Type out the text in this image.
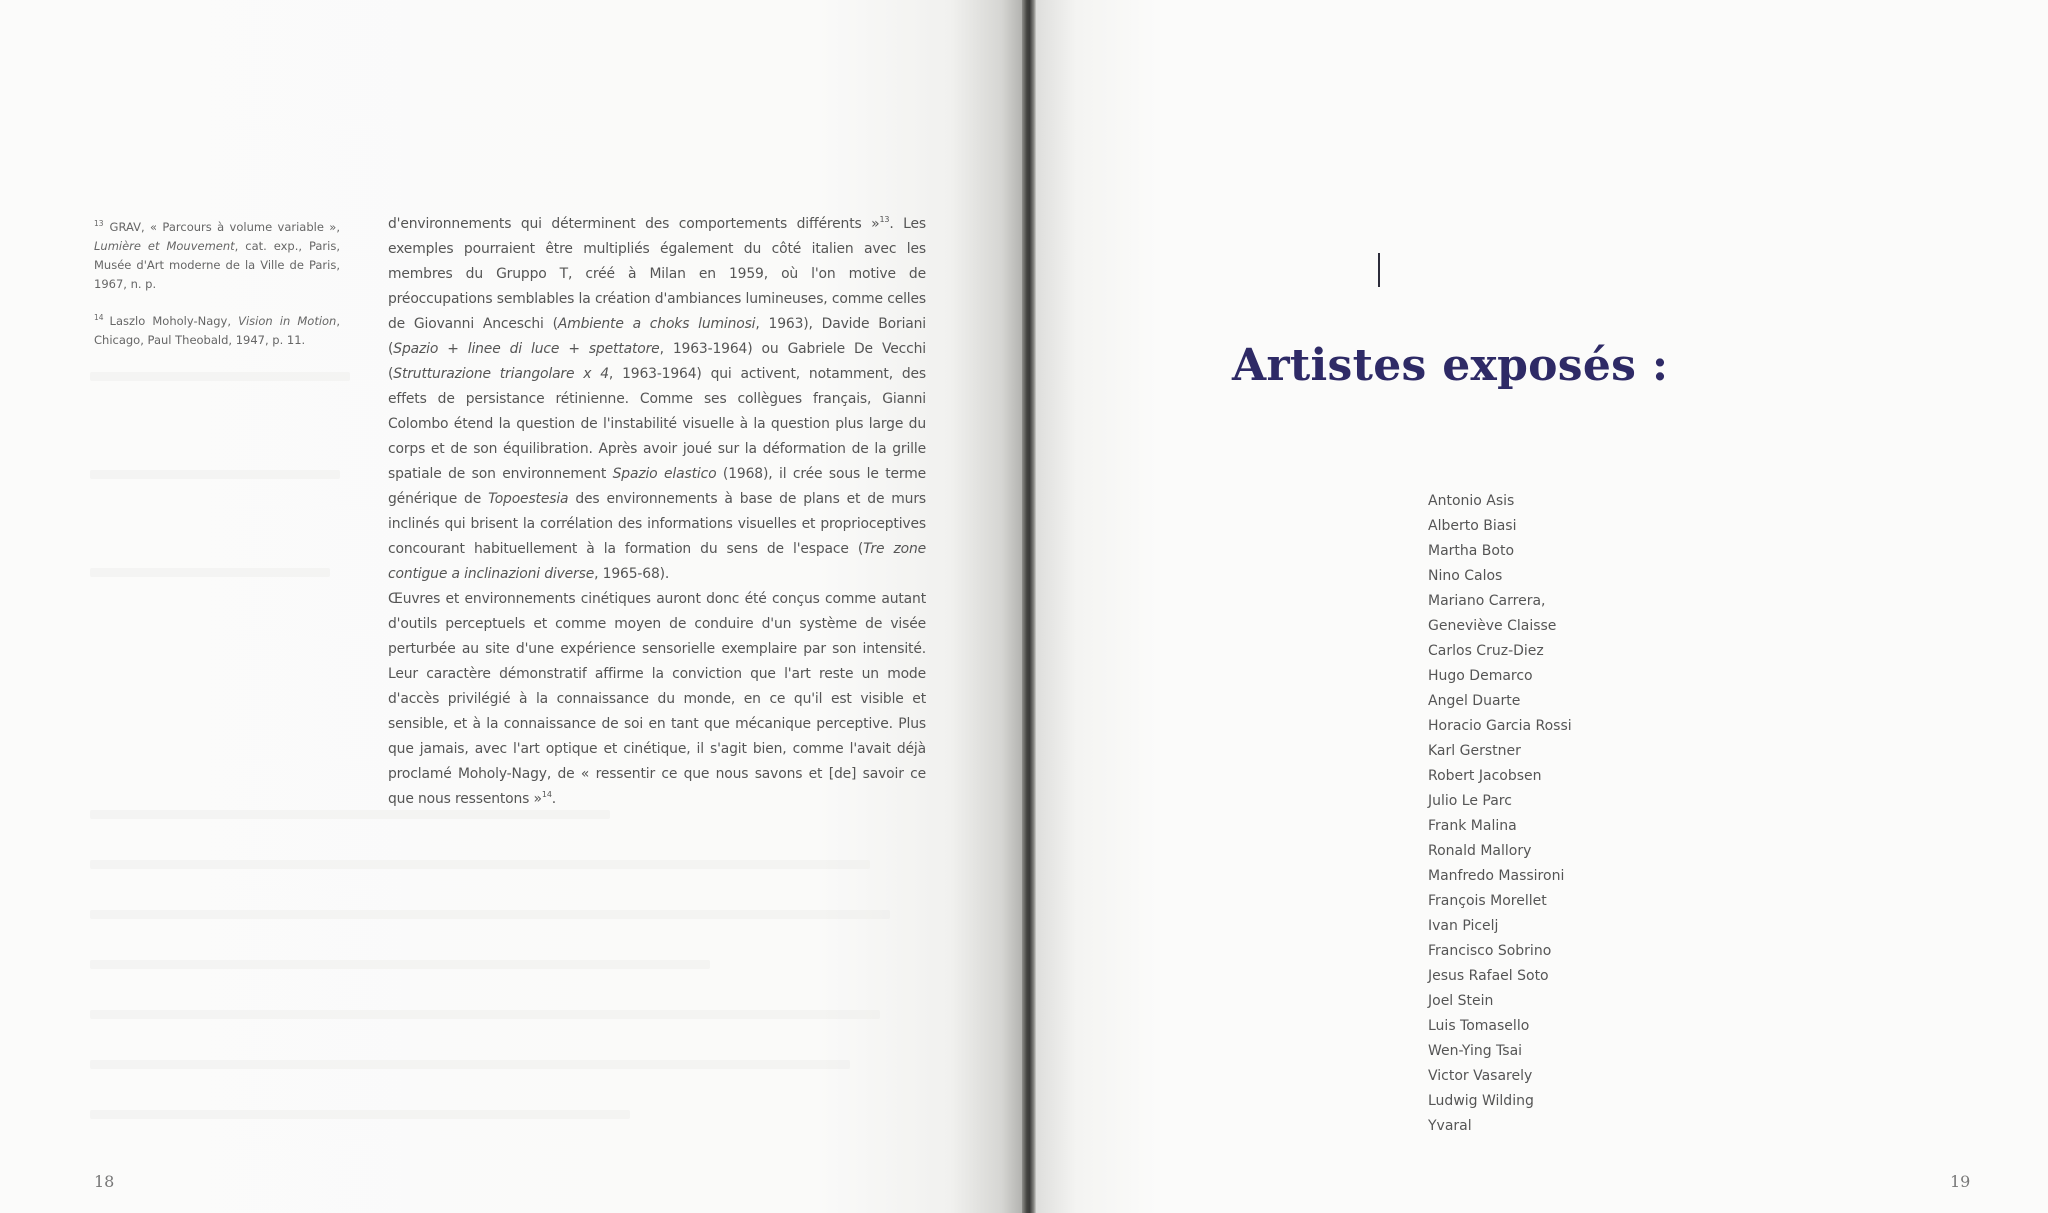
$^{13}$ GRAV, « Parcours à volume variable », Lumière et Mouvement, cat. exp., Paris, Musée d'Art moderne de la Ville de Paris, 1967, n. p.
$^{14}$ Laszlo Moholy-Nagy, Vision in Motion, Chicago, Paul Theobald, 1947, p. 11.

d'environnements qui déterminent des comportements différents »$^{13}$. Les exemples pourraient être multipliés également du côté italien avec les membres du Gruppo T, créé à Milan en 1959, où l'on motive de préoccupations semblables la création d'ambiances lumineuses, comme celles de Giovanni Anceschi (Ambiente a choks luminosi, 1963), Davide Boriani (Spazio + linee di luce + spettatore, 1963-1964) ou Gabriele De Vecchi (Strutturazione triangolare x 4, 1963-1964) qui activent, notamment, des effets de persistance rétinienne. Comme ses collègues français, Gianni Colombo étend la question de l'instabilité visuelle à la question plus large du corps et de son équilibration. Après avoir joué sur la déformation de la grille spatiale de son environnement Spazio elastico (1968), il crée sous le terme générique de Topoestesia des environnements à base de plans et de murs inclinés qui brisent la corrélation des informations visuelles et proprioceptives concourant habituellement à la formation du sens de l'espace (Tre zone contigue a inclinazioni diverse, 1965-68).

Œuvres et environnements cinétiques auront donc été conçus comme autant d'outils perceptuels et comme moyen de conduire d'un système de visée perturbée au site d'une expérience sensorielle exemplaire par son intensité. Leur caractère démonstratif affirme la conviction que l'art reste un mode d'accès privilégié à la connaissance du monde, en ce qu'il est visible et sensible, et à la connaissance de soi en tant que mécanique perceptive. Plus que jamais, avec l'art optique et cinétique, il s'agit bien, comme l'avait déjà proclamé Moholy-Nagy, de « ressentir ce que nous savons et [de] savoir ce que nous ressentons »$^{14}$.

18
Artistes exposés :
Antonio Asis
Alberto Biasi
Martha Boto
Nino Calos
Mariano Carrera,
Geneviève Claisse
Carlos Cruz-Diez
Hugo Demarco
Angel Duarte
Horacio Garcia Rossi
Karl Gerstner
Robert Jacobsen
Julio Le Parc
Frank Malina
Ronald Mallory
Manfredo Massironi
François Morellet
Ivan Picelj
Francisco Sobrino
Jesus Rafael Soto
Joel Stein
Luis Tomasello
Wen-Ying Tsai
Victor Vasarely
Ludwig Wilding
Yvaral
19
